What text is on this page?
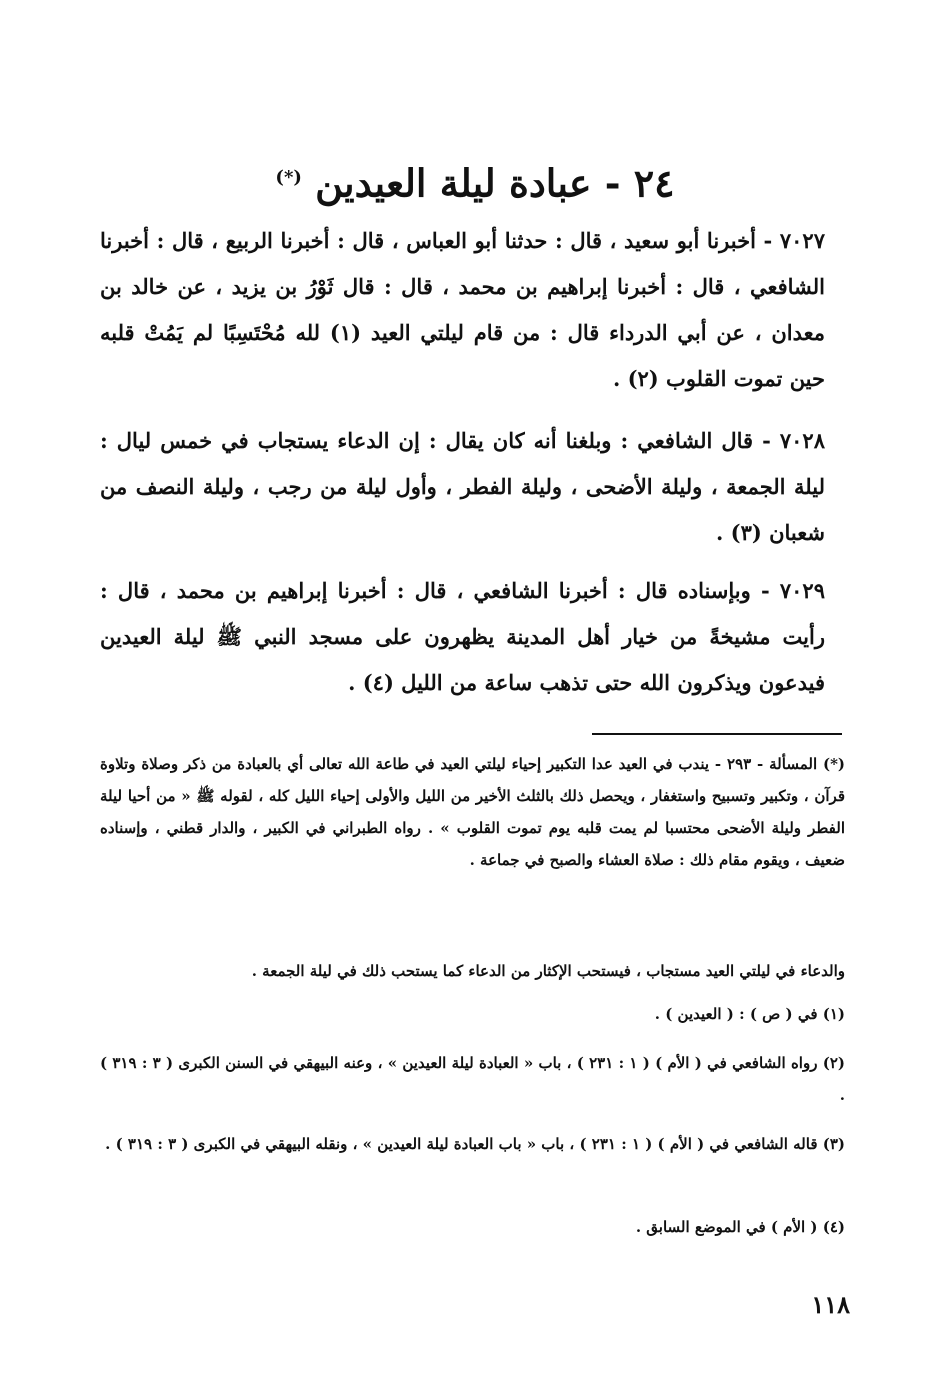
٢٤ - عبادة ليلة العيدين (*)

٧٠٢٧ - أخبرنا أبو سعيد ، قال : حدثنا أبو العباس ، قال : أخبرنا الربيع ، قال : أخبرنا الشافعي ، قال : أخبرنا إبراهيم بن محمد ، قال : قال ثَوْرُ بن يزيد ، عن خالد بن معدان ، عن أبي الدرداء قال : من قام ليلتي العيد (١) لله مُحْتَسِبًا لم يَمُتْ قلبه حين تموت القلوب (٢) .

٧٠٢٨ - قال الشافعي : وبلغنا أنه كان يقال : إن الدعاء يستجاب في خمس ليال : ليلة الجمعة ، وليلة الأضحى ، وليلة الفطر ، وأول ليلة من رجب ، وليلة النصف من شعبان (٣) .

٧٠٢٩ - وبإسناده قال : أخبرنا الشافعي ، قال : أخبرنا إبراهيم بن محمد ، قال : رأيت مشيخةً من خيار أهل المدينة يظهرون على مسجد النبي ﷺ ليلة العيدين فيدعون ويذكرون الله حتى تذهب ساعة من الليل (٤) .

(*) المسألة - ٢٩٣ - يندب في العيد عدا التكبير إحياء ليلتي العيد في طاعة الله تعالى أي بالعبادة من ذكر وصلاة وتلاوة قرآن ، وتكبير وتسبيح واستغفار ، ويحصل ذلك بالثلث الأخير من الليل والأولى إحياء الليل كله ، لقوله ﷺ « من أحيا ليلة الفطر وليلة الأضحى محتسبا لم يمت قلبه يوم تموت القلوب » . رواه الطبراني في الكبير ، والدار قطني ، وإسناده ضعيف ، ويقوم مقام ذلك : صلاة العشاء والصبح في جماعة .

والدعاء في ليلتي العيد مستجاب ، فيستحب الإكثار من الدعاء كما يستحب ذلك في ليلة الجمعة .

(١) في ( ص ) : ( العيدين ) .

(٢) رواه الشافعي في ( الأم ) ( ١ : ٢٣١ ) ، باب « العبادة ليلة العيدين » ، وعنه البيهقي في السنن الكبرى ( ٣ : ٣١٩ ) .

(٣) قاله الشافعي في ( الأم ) ( ١ : ٢٣١ ) ، باب « باب العبادة ليلة العيدين » ، ونقله البيهقي في الكبرى ( ٣ : ٣١٩ ) .

(٤) ( الأم ) في الموضع السابق .

١١٨
